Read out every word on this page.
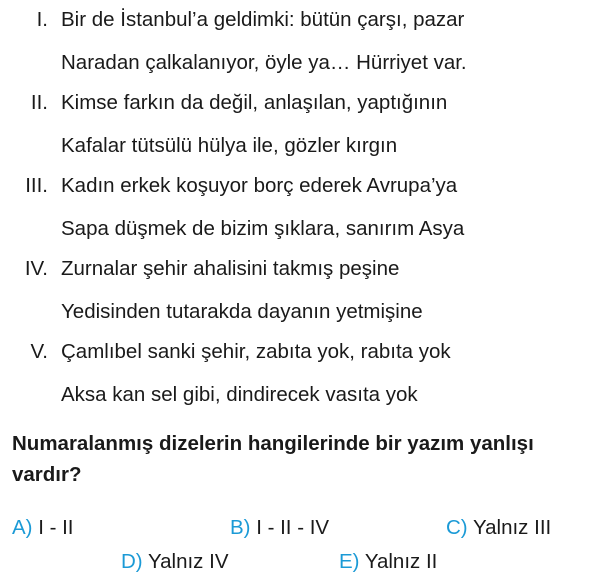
I. Bir de İstanbul’a geldimki: bütün çarşı, pazar
Naradan çalkalanıyor, öyle ya… Hürriyet var.
II. Kimse farkın da değil, anlaşılan, yaptığının
Kafalar tütsülü hülya ile, gözler kırgın
III. Kadın erkek koşuyor borç ederek Avrupa’ya
Sapa düşmek de bizim şıklara, sanırım Asya
IV. Zurnalar şehir ahalisini takmış peşine
Yedisinden tutarakda dayanın yetmişine
V. Çamlıbel sanki şehir, zabıta yok, rabıta yok
Aksa kan sel gibi, dindirecek vasıta yok
Numaralanmış dizelerin hangilerinde bir yazım yanlışı
vardır?
A) I - II	B) I - II - IV	C) Yalnız III
D) Yalnız IV	E) Yalnız II
